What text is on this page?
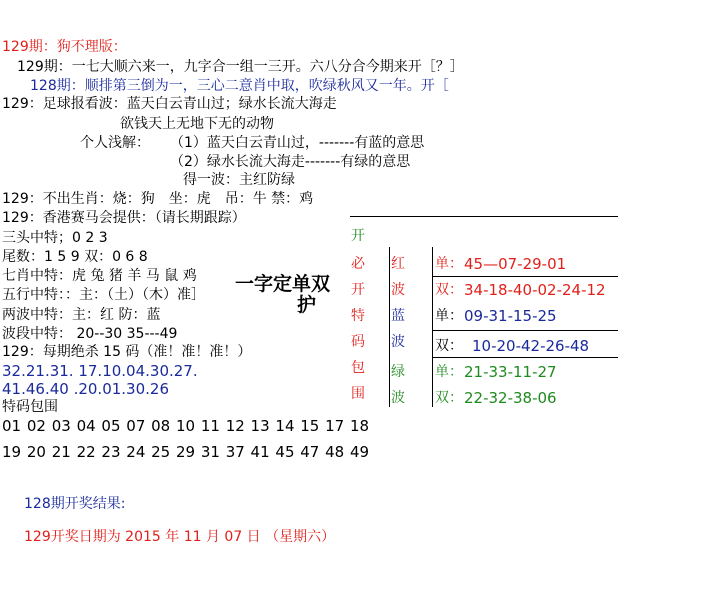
129期：狗不理版：
129期：一七大顺六来一，九字合一组一三开。六八分合今期来开［？］
128期：顺排第三倒为一，三心二意肖中取，吹绿秋风又一年。开［
129：足球报看波：蓝天白云青山过；绿水长流大海走
欲钱天上无地下无的动物
个人浅解： （1）蓝天白云青山过，-------有蓝的意思
（2）绿水长流大海走-------有绿的意思
得一波：主红防绿
129：不出生肖：烧：狗　坐：虎　吊：牛 禁：鸡
129：香港赛马会提供：（请长期跟踪）
三头中特；0 2 3
尾数：1 5 9 双：0 6 8
七肖中特：虎 兔 猪 羊 马 鼠 鸡
五行中特：：主：（土）（木）准］
两波中特：主：红 防：蓝
波段中特： 20--30 35---49
129：每期绝杀 15 码（准！准！准！）
32.21.31. 17.10.04.30.27.
41.46.40 .20.01.30.26
特码包围
01 02 03 04 05 07 08 10 11 12 13 14 15 17 18
19 20 21 22 23 24 25 29 31 37 41 45 47 48 49
一字定单双
护
开
必
开
特
码
包
围
红
波
单： 45—07-29-01
双： 34-18-40-02-24-12
蓝
波
单： 09-31-15-25
双： 10-20-42-26-48
绿
波
单： 21-33-11-27
双： 22-32-38-06
128期开奖结果:
129开奖日期为 2015 年 11 月 07 日 （星期六）
